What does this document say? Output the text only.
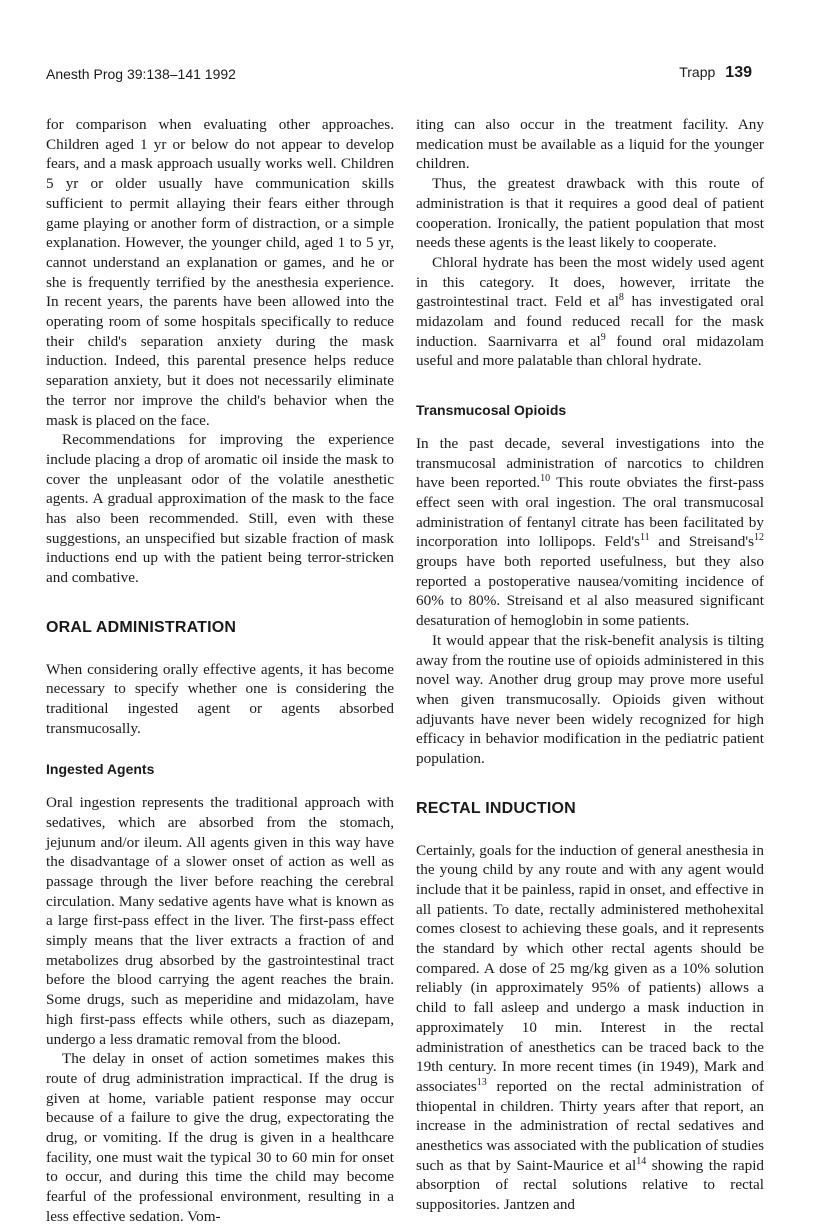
Anesth Prog 39:138–141 1992	Trapp 139

for comparison when evaluating other approaches. Children aged 1 yr or below do not appear to develop fears, and a mask approach usually works well. Children 5 yr or older usually have communication skills sufficient to permit allaying their fears either through game playing or another form of distraction, or a simple explanation. However, the younger child, aged 1 to 5 yr, cannot understand an explanation or games, and he or she is frequently terrified by the anesthesia experience. In recent years, the parents have been allowed into the operating room of some hospitals specifically to reduce their child's separation anxiety during the mask induction. Indeed, this parental presence helps reduce separation anxiety, but it does not necessarily eliminate the terror nor improve the child's behavior when the mask is placed on the face.

Recommendations for improving the experience include placing a drop of aromatic oil inside the mask to cover the unpleasant odor of the volatile anesthetic agents. A gradual approximation of the mask to the face has also been recommended. Still, even with these suggestions, an unspecified but sizable fraction of mask inductions end up with the patient being terror-stricken and combative.

ORAL ADMINISTRATION

When considering orally effective agents, it has become necessary to specify whether one is considering the traditional ingested agent or agents absorbed transmucosally.

Ingested Agents

Oral ingestion represents the traditional approach with sedatives, which are absorbed from the stomach, jejunum and/or ileum. All agents given in this way have the disadvantage of a slower onset of action as well as passage through the liver before reaching the cerebral circulation. Many sedative agents have what is known as a large first-pass effect in the liver. The first-pass effect simply means that the liver extracts a fraction of and metabolizes drug absorbed by the gastrointestinal tract before the blood carrying the agent reaches the brain. Some drugs, such as meperidine and midazolam, have high first-pass effects while others, such as diazepam, undergo a less dramatic removal from the blood.

The delay in onset of action sometimes makes this route of drug administration impractical. If the drug is given at home, variable patient response may occur because of a failure to give the drug, expectorating the drug, or vomiting. If the drug is given in a healthcare facility, one must wait the typical 30 to 60 min for onset to occur, and during this time the child may become fearful of the professional environment, resulting in a less effective sedation. Vom-

iting can also occur in the treatment facility. Any medication must be available as a liquid for the younger children.

Thus, the greatest drawback with this route of administration is that it requires a good deal of patient cooperation. Ironically, the patient population that most needs these agents is the least likely to cooperate.

Chloral hydrate has been the most widely used agent in this category. It does, however, irritate the gastrointestinal tract. Feld et $al^8$ has investigated oral midazolam and found reduced recall for the mask induction. Saarnivarra et $al^9$ found oral midazolam useful and more palatable than chloral hydrate.

Transmucosal Opioids

In the past decade, several investigations into the transmucosal administration of narcotics to children have been reported.$^{10}$ This route obviates the first-pass effect seen with oral ingestion. The oral transmucosal administration of fentanyl citrate has been facilitated by incorporation into lollipops. $Feld's^{11}$ and $Streisand's^{12}$ groups have both reported usefulness, but they also reported a postoperative nausea/vomiting incidence of 60% to 80%. Streisand et al also measured significant desaturation of hemoglobin in some patients.

It would appear that the risk-benefit analysis is tilting away from the routine use of opioids administered in this novel way. Another drug group may prove more useful when given transmucosally. Opioids given without adjuvants have never been widely recognized for high efficacy in behavior modification in the pediatric patient population.

RECTAL INDUCTION

Certainly, goals for the induction of general anesthesia in the young child by any route and with any agent would include that it be painless, rapid in onset, and effective in all patients. To date, rectally administered methohexital comes closest to achieving these goals, and it represents the standard by which other rectal agents should be compared. A dose of 25 mg/kg given as a 10% solution reliably (in approximately 95% of patients) allows a child to fall asleep and undergo a mask induction in approximately 10 min. Interest in the rectal administration of anesthetics can be traced back to the 19th century. In more recent times (in 1949), Mark and associates$^{13}$ reported on the rectal administration of thiopental in children. Thirty years after that report, an increase in the administration of rectal sedatives and anesthetics was associated with the publication of studies such as that by Saint-Maurice et $al^{14}$ showing the rapid absorption of rectal solutions relative to rectal suppositories. Jantzen and
